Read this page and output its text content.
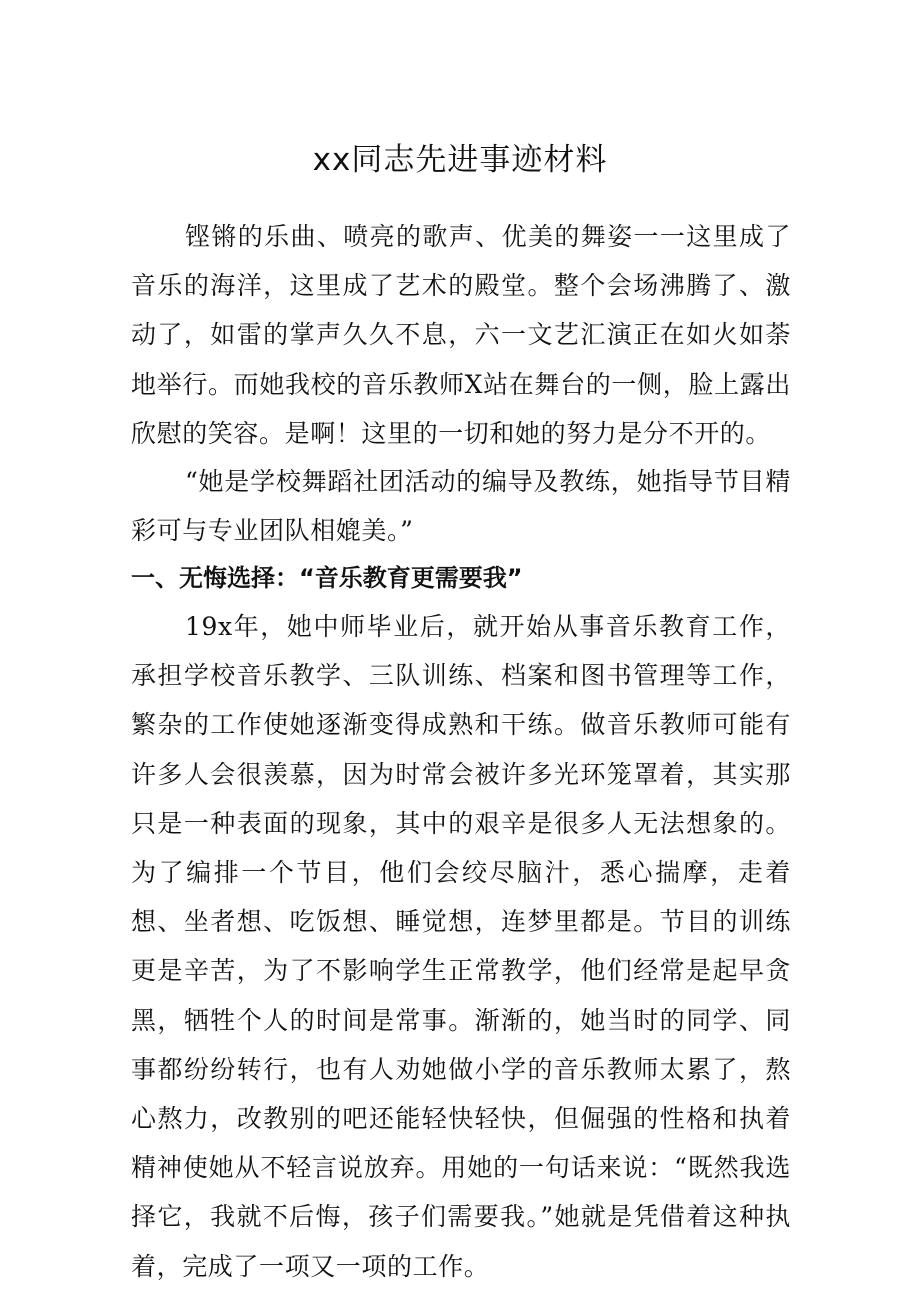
xx同志先进事迹材料

铿锵的乐曲、喷亮的歌声、优美的舞姿一一这里成了音乐的海洋，这里成了艺术的殿堂。整个会场沸腾了、激动了，如雷的掌声久久不息，六一文艺汇演正在如火如荼地举行。而她我校的音乐教师X站在舞台的一侧，脸上露出欣慰的笑容。是啊！这里的一切和她的努力是分不开的。

“她是学校舞蹈社团活动的编导及教练，她指导节目精彩可与专业团队相媲美。”

一、无悔选择：“音乐教育更需要我”

19x年，她中师毕业后，就开始从事音乐教育工作，承担学校音乐教学、三队训练、档案和图书管理等工作，繁杂的工作使她逐渐变得成熟和干练。做音乐教师可能有许多人会很羡慕，因为时常会被许多光环笼罩着，其实那只是一种表面的现象，其中的艰辛是很多人无法想象的。为了编排一个节目，他们会绞尽脑汁，悉心揣摩，走着想、坐者想、吃饭想、睡觉想，连梦里都是。节目的训练更是辛苦，为了不影响学生正常教学，他们经常是起早贪黑，牺牲个人的时间是常事。渐渐的，她当时的同学、同事都纷纷转行，也有人劝她做小学的音乐教师太累了，熬心熬力，改教别的吧还能轻快轻快，但倔强的性格和执着精神使她从不轻言说放弃。用她的一句话来说：“既然我选择它，我就不后悔，孩子们需要我。”她就是凭借着这种执着，完成了一项又一项的工作。
